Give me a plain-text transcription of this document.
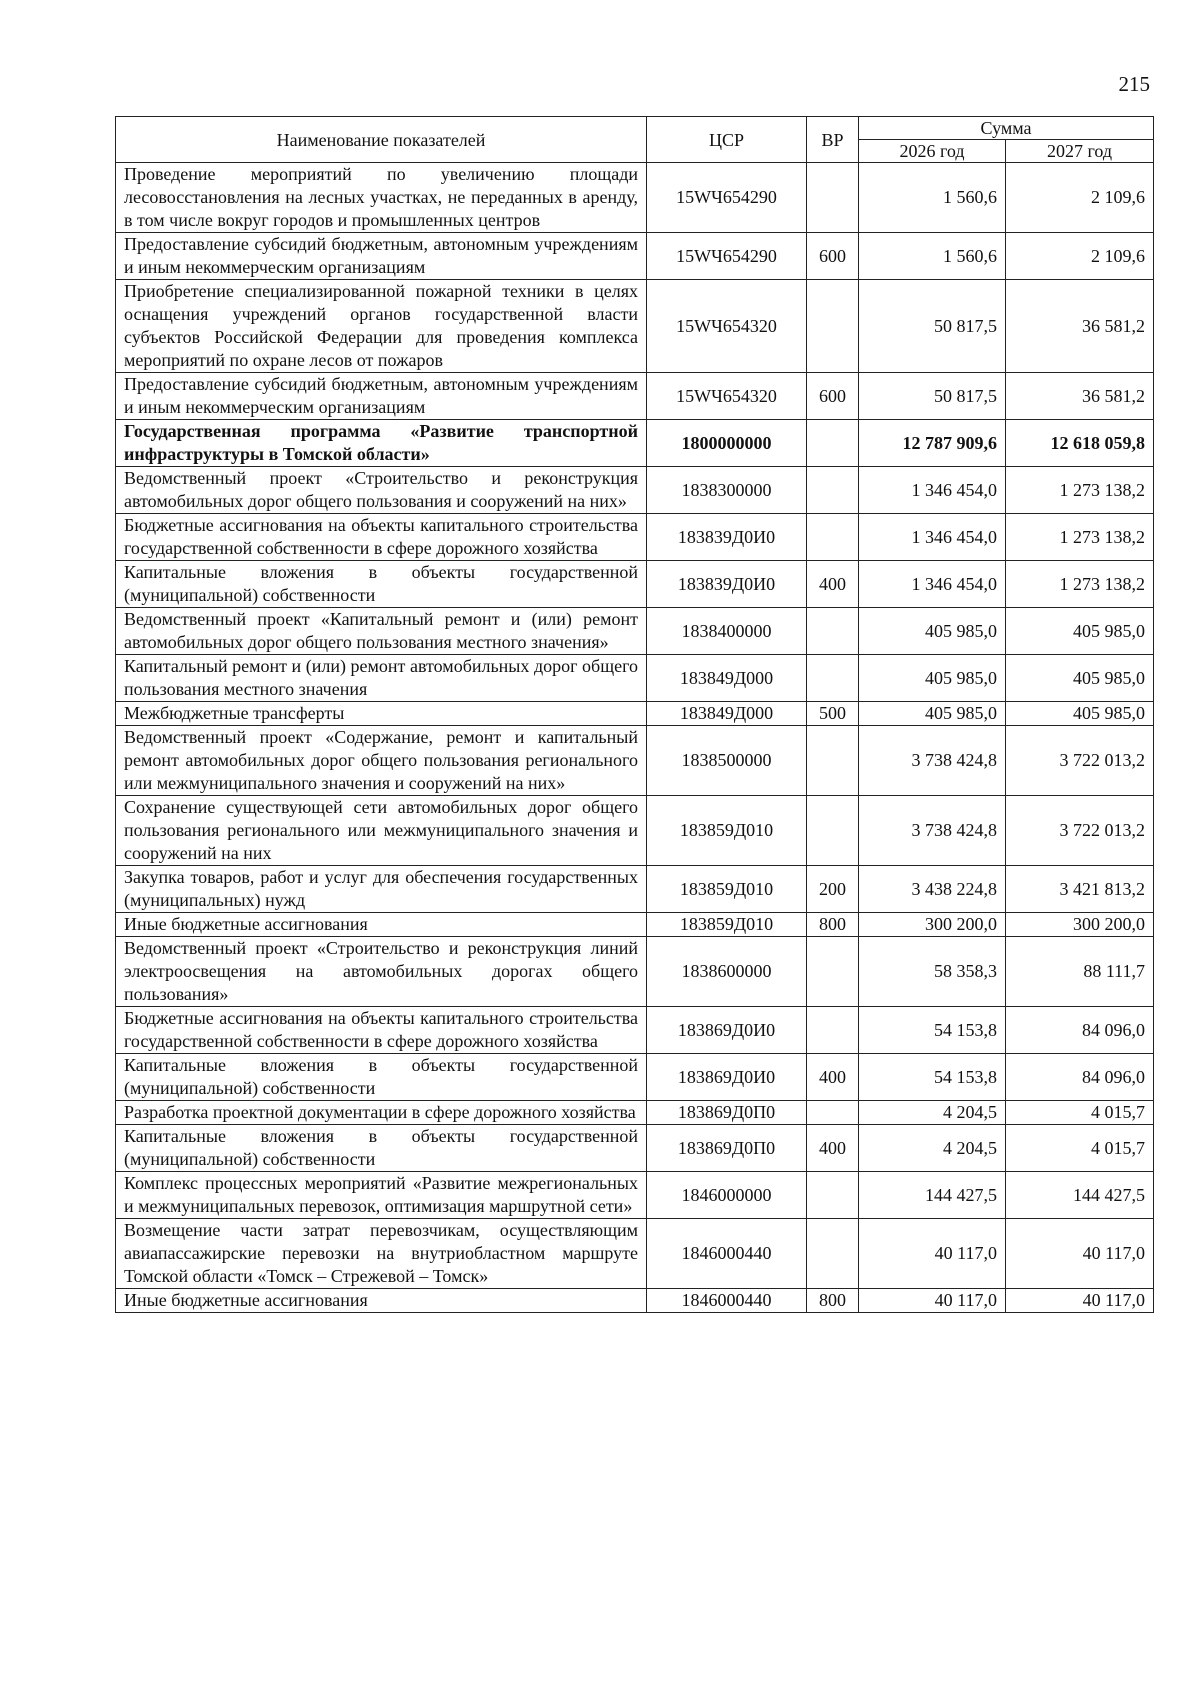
215
Наименование показателей	ЦСР	ВР	Сумма	
			2026 год	2027 год
Проведение мероприятий по увеличению площади лесовосстановления на лесных участках, не переданных в аренду, в том числе вокруг городов и промышленных центров	15WЧ654290		1 560,6	2 109,6
Предоставление субсидий бюджетным, автономным учреждениям и иным некоммерческим организациям	15WЧ654290	600	1 560,6	2 109,6
Приобретение специализированной пожарной техники в целях оснащения учреждений органов государственной власти субъектов Российской Федерации для проведения комплекса мероприятий по охране лесов от пожаров	15WЧ654320		50 817,5	36 581,2
Предоставление субсидий бюджетным, автономным учреждениям и иным некоммерческим организациям	15WЧ654320	600	50 817,5	36 581,2
Государственная программа «Развитие транспортной инфраструктуры в Томской области»	1800000000		12 787 909,6	12 618 059,8
Ведомственный проект «Строительство и реконструкция автомобильных дорог общего пользования и сооружений на них»	1838300000		1 346 454,0	1 273 138,2
Бюджетные ассигнования на объекты капитального строительства государственной собственности в сфере дорожного хозяйства	183839Д0И0		1 346 454,0	1 273 138,2
Капитальные вложения в объекты государственной (муниципальной) собственности	183839Д0И0	400	1 346 454,0	1 273 138,2
Ведомственный проект «Капитальный ремонт и (или) ремонт автомобильных дорог общего пользования местного значения»	1838400000		405 985,0	405 985,0
Капитальный ремонт и (или) ремонт автомобильных дорог общего пользования местного значения	183849Д000		405 985,0	405 985,0
Межбюджетные трансферты	183849Д000	500	405 985,0	405 985,0
Ведомственный проект «Содержание, ремонт и капитальный ремонт автомобильных дорог общего пользования регионального или межмуниципального значения и сооружений на них»	1838500000		3 738 424,8	3 722 013,2
Сохранение существующей сети автомобильных дорог общего пользования регионального или межмуниципального значения и сооружений на них	183859Д010		3 738 424,8	3 722 013,2
Закупка товаров, работ и услуг для обеспечения государственных (муниципальных) нужд	183859Д010	200	3 438 224,8	3 421 813,2
Иные бюджетные ассигнования	183859Д010	800	300 200,0	300 200,0
Ведомственный проект «Строительство и реконструкция линий электроосвещения на автомобильных дорогах общего пользования»	1838600000		58 358,3	88 111,7
Бюджетные ассигнования на объекты капитального строительства государственной собственности в сфере дорожного хозяйства	183869Д0И0		54 153,8	84 096,0
Капитальные вложения в объекты государственной (муниципальной) собственности	183869Д0И0	400	54 153,8	84 096,0
Разработка проектной документации в сфере дорожного хозяйства	183869Д0П0		4 204,5	4 015,7
Капитальные вложения в объекты государственной (муниципальной) собственности	183869Д0П0	400	4 204,5	4 015,7
Комплекс процессных мероприятий «Развитие межрегиональных и межмуниципальных перевозок, оптимизация маршрутной сети»	1846000000		144 427,5	144 427,5
Возмещение части затрат перевозчикам, осуществляющим авиапассажирские перевозки на внутриобластном маршруте Томской области «Томск – Стрежевой – Томск»	1846000440		40 117,0	40 117,0
Иные бюджетные ассигнования	1846000440	800	40 117,0	40 117,0
